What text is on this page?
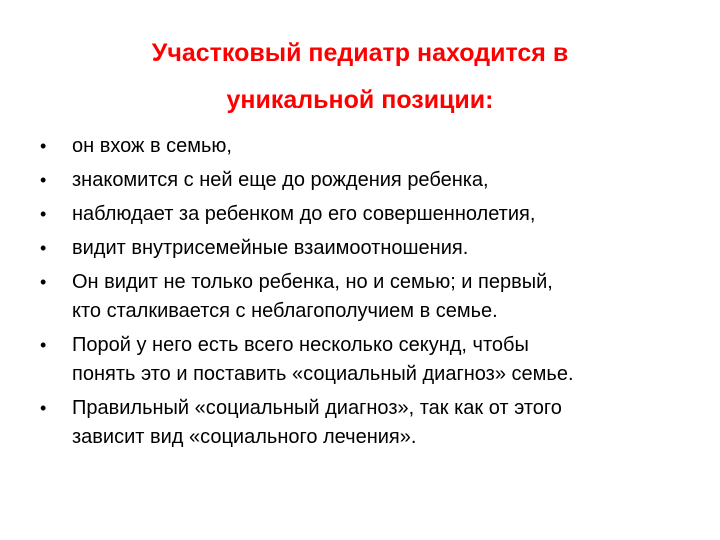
Участковый педиатр находится в
уникальной позиции:
•	он вхож в семью,
•	знакомится с ней еще до рождения ребенка,
•	наблюдает за ребенком до его совершеннолетия,
•	видит внутрисемейные взаимоотношения.
•	Он видит не только ребенка, но и семью; и первый,
кто сталкивается с неблагополучием в семье.
•	Порой у него есть всего несколько секунд, чтобы
понять это и поставить «социальный диагноз» семье.
•	Правильный «социальный диагноз», так как от этого
зависит вид «социального лечения».
